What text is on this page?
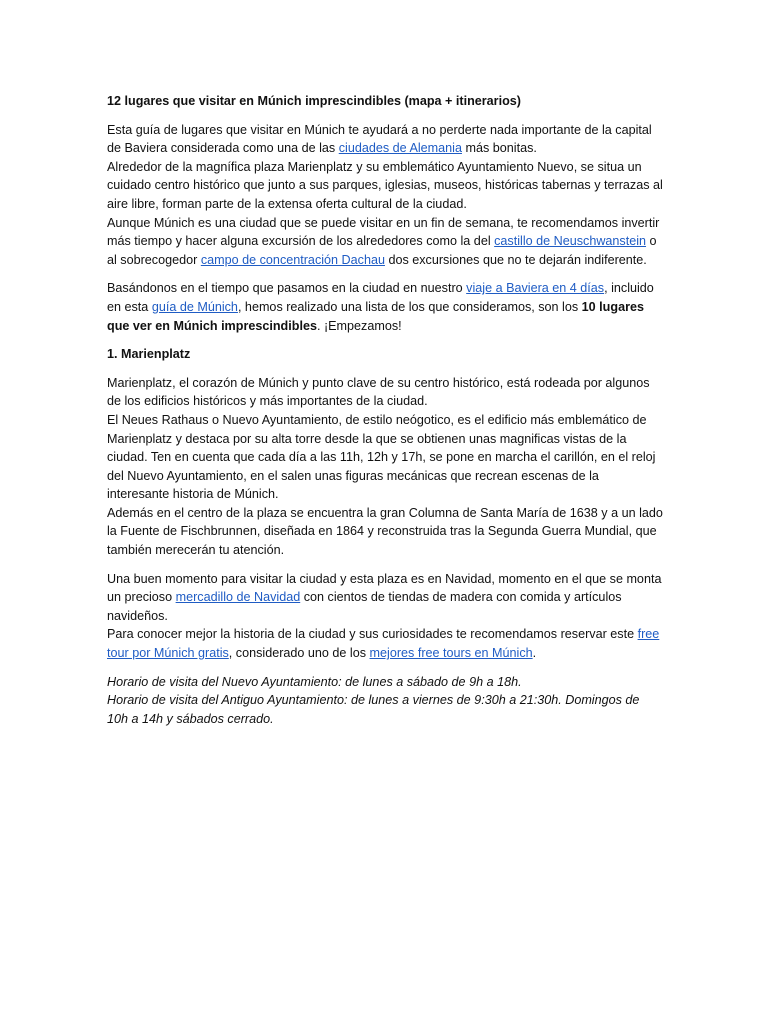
12 lugares que visitar en Múnich imprescindibles (mapa + itinerarios)

Esta guía de lugares que visitar en Múnich te ayudará a no perderte nada importante de la capital de Baviera considerada como una de las ciudades de Alemania más bonitas.

Alrededor de la magnífica plaza Marienplatz y su emblemático Ayuntamiento Nuevo, se situa un cuidado centro histórico que junto a sus parques, iglesias, museos, históricas tabernas y terrazas al aire libre, forman parte de la extensa oferta cultural de la ciudad.

Aunque Múnich es una ciudad que se puede visitar en un fin de semana, te recomendamos invertir más tiempo y hacer alguna excursión de los alrededores como la del castillo de Neuschwanstein o al sobrecogedor campo de concentración Dachau dos excursiones que no te dejarán indiferente.

Basándonos en el tiempo que pasamos en la ciudad en nuestro viaje a Baviera en 4 días, incluido en esta guía de Múnich, hemos realizado una lista de los que consideramos, son los 10 lugares que ver en Múnich imprescindibles. ¡Empezamos!

1. Marienplatz

Marienplatz, el corazón de Múnich y punto clave de su centro histórico, está rodeada por algunos de los edificios históricos y más importantes de la ciudad.

El Neues Rathaus o Nuevo Ayuntamiento, de estilo neógotico, es el edificio más emblemático de Marienplatz y destaca por su alta torre desde la que se obtienen unas magnificas vistas de la ciudad. Ten en cuenta que cada día a las 11h, 12h y 17h, se pone en marcha el carillón, en el reloj del Nuevo Ayuntamiento, en el salen unas figuras mecánicas que recrean escenas de la interesante historia de Múnich.

Además en el centro de la plaza se encuentra la gran Columna de Santa María de 1638 y a un lado la Fuente de Fischbrunnen, diseñada en 1864 y reconstruida tras la Segunda Guerra Mundial, que también merecerán tu atención.

Una buen momento para visitar la ciudad y esta plaza es en Navidad, momento en el que se monta un precioso mercadillo de Navidad con cientos de tiendas de madera con comida y artículos navideños.

Para conocer mejor la historia de la ciudad y sus curiosidades te recomendamos reservar este free tour por Múnich gratis, considerado uno de los mejores free tours en Múnich.

Horario de visita del Nuevo Ayuntamiento: de lunes a sábado de 9h a 18h.

Horario de visita del Antiguo Ayuntamiento: de lunes a viernes de 9:30h a 21:30h. Domingos de 10h a 14h y sábados cerrado.
